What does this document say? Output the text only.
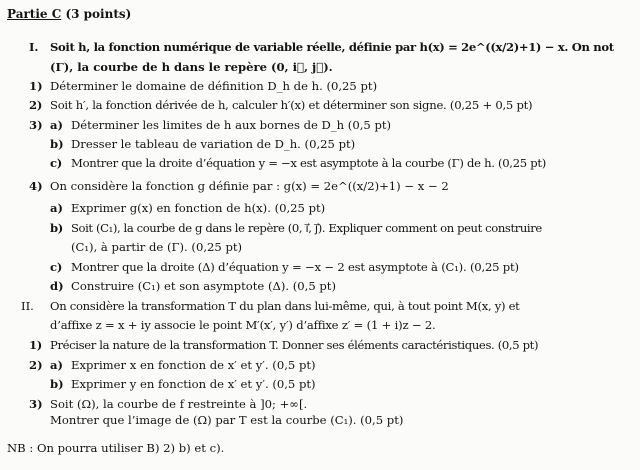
Partie C (3 points)
I. Soit h, la fonction numérique de variable réelle, définie par h(x) = 2e^((x/2)+1) − x. On not
(Γ), la courbe de h dans le repère (0, i⃗, j⃗).
1) Déterminer le domaine de définition D_h de h. (0,25 pt)
2) Soit h′, la fonction dérivée de h, calculer h′(x) et déterminer son signe. (0,25 + 0,5 pt)
3) a) Déterminer les limites de h aux bornes de D_h (0,5 pt)
b) Dresser le tableau de variation de D_h. (0,25 pt)
c) Montrer que la droite d’équation y = −x est asymptote à la courbe (Γ) de h. (0,25 pt)
4) On considère la fonction g définie par : g(x) = 2e^((x/2)+1) − x − 2
a) Exprimer g(x) en fonction de h(x). (0,25 pt)
b) Soit (C₁), la courbe de g dans le repère (0, i⃗, j⃗). Expliquer comment on peut construire
(C₁), à partir de (Γ). (0,25 pt)
c) Montrer que la droite (Δ) d’équation y = −x − 2 est asymptote à (C₁). (0,25 pt)
d) Construire (C₁) et son asymptote (Δ). (0,5 pt)
II. On considère la transformation T du plan dans lui-même, qui, à tout point M(x, y) et
d’affixe z = x + iy associe le point M′(x′, y′) d’affixe z′ = (1 + i)z − 2.
1) Préciser la nature de la transformation T. Donner ses éléments caractéristiques. (0,5 pt)
2) a) Exprimer x en fonction de x′ et y′. (0,5 pt)
b) Exprimer y en fonction de x′ et y′. (0,5 pt)
3) Soit (Ω), la courbe de f restreinte à ]0; +∞[.
Montrer que l’image de (Ω) par T est la courbe (C₁). (0,5 pt)
NB : On pourra utiliser B) 2) b) et c).
